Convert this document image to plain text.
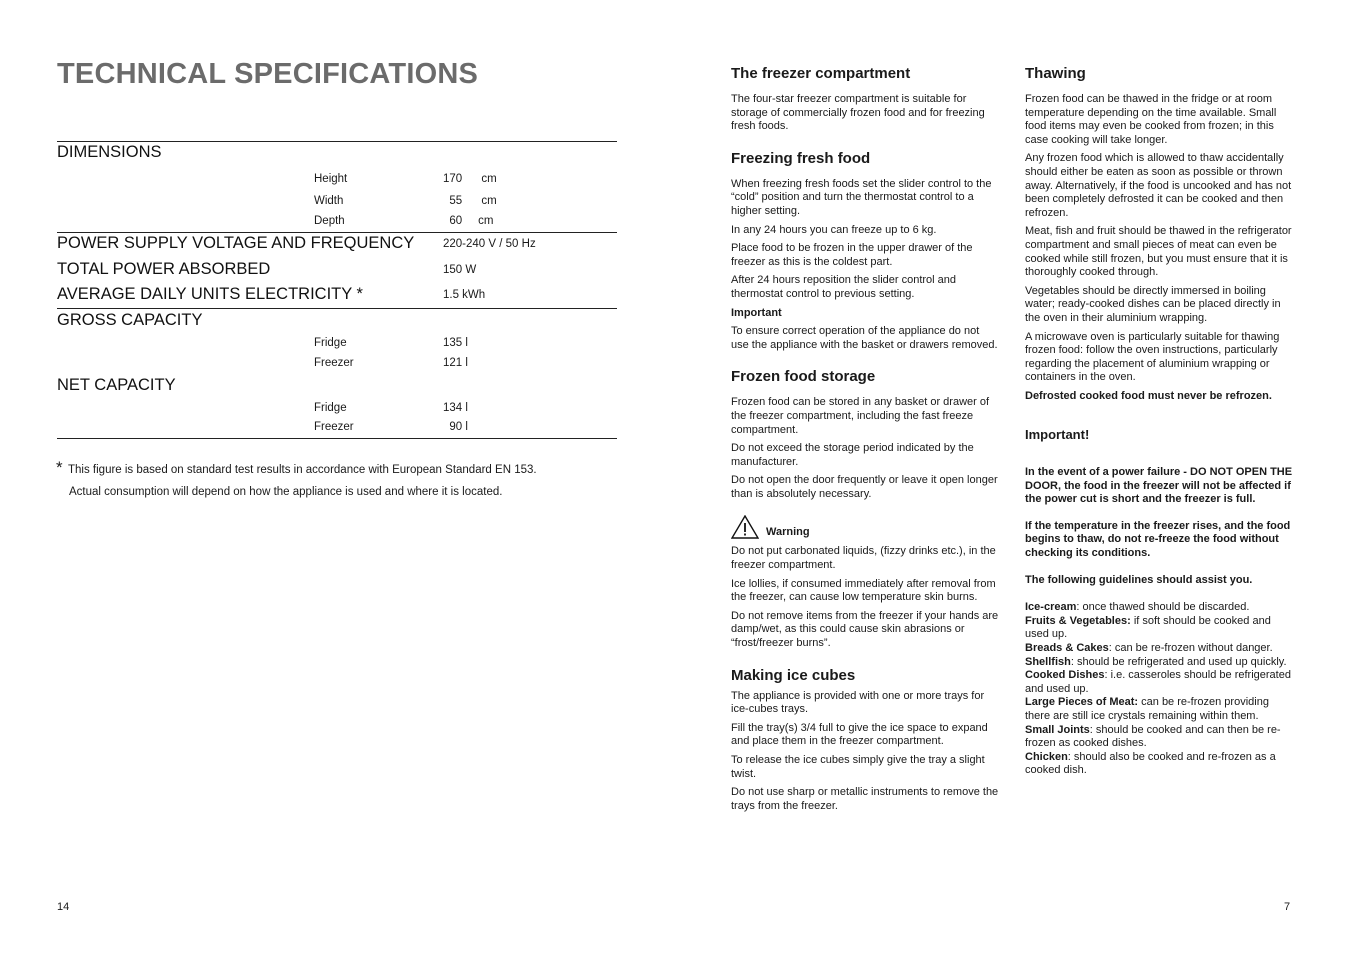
TECHNICAL SPECIFICATIONS
DIMENSIONS
Height	170      cm
Width	55      cm
Depth	60     cm
POWER SUPPLY VOLTAGE AND FREQUENCY 220-240 V / 50 Hz
TOTAL POWER ABSORBED	150 W
AVERAGE DAILY UNITS ELECTRICITY *	1.5 kWh
GROSS CAPACITY
Fridge	135 l
Freezer	121 l
NET CAPACITY
Fridge	134 l
Freezer	90 l
* This figure is based on standard test results in accordance with European Standard EN 153.
Actual consumption will depend on how the appliance is used and where it is located.
14
The freezer compartment

The four-star freezer compartment is suitable for storage of commercially frozen food and for freezing fresh foods.

Freezing fresh food

When freezing fresh foods set the slider control to the “cold” position and turn the thermostat control to a higher setting.

In any 24 hours you can freeze up to 6 kg.

Place food to be frozen in the upper drawer of the freezer as this is the coldest part.

After 24 hours reposition the slider control and thermostat control to previous setting.

Important

To ensure correct operation of the appliance do not use the appliance with the basket or drawers removed.

Frozen food storage

Frozen food can be stored in any basket or drawer of the freezer compartment, including the fast freeze compartment.

Do not exceed the storage period indicated by the manufacturer.

Do not open the door frequently or leave it open longer than is absolutely necessary.

Warning

Do not put carbonated liquids, (fizzy drinks etc.), in the freezer compartment.

Ice lollies, if consumed immediately after removal from the freezer, can cause low temperature skin burns.

Do not remove items from the freezer if your hands are damp/wet, as this could cause skin abrasions or “frost/freezer burns”.

Making ice cubes

The appliance is provided with one or more trays for ice-cubes trays.

Fill the tray(s) 3/4 full to give the ice space to expand and place them in the freezer compartment.

To release the ice cubes simply give the tray a slight twist.

Do not use sharp or metallic instruments to remove the trays from the freezer.

Thawing

Frozen food can be thawed in the fridge or at room temperature depending on the time available. Small food items may even be cooked from frozen; in this case cooking will take longer.

Any frozen food which is allowed to thaw accidentally should either be eaten as soon as possible or thrown away. Alternatively, if the food is uncooked and has not been completely defrosted it can be cooked and then refrozen.

Meat, fish and fruit should be thawed in the refrigerator compartment and small pieces of meat can even be cooked while still frozen, but you must ensure that it is thoroughly cooked through.

Vegetables should be directly immersed in boiling water; ready-cooked dishes can be placed directly in the oven in their aluminium wrapping.

A microwave oven is particularly suitable for thawing frozen food: follow the oven instructions, particularly regarding the placement of aluminium wrapping or containers in the oven.

Defrosted cooked food must never be refrozen.

Important!

In the event of a power failure - DO NOT OPEN THE DOOR, the food in the freezer will not be affected if the power cut is short and the freezer is full.

If the temperature in the freezer rises, and the food begins to thaw, do not re-freeze the food without checking its conditions.

The following guidelines should assist you.

Ice-cream: once thawed should be discarded.

Fruits & Vegetables: if soft should be cooked and used up.

Breads & Cakes: can be re-frozen without danger.

Shellfish: should be refrigerated and used up quickly.

Cooked Dishes: i.e. casseroles should be refrigerated and used up.

Large Pieces of Meat: can be re-frozen providing there are still ice crystals remaining within them.

Small Joints: should be cooked and can then be re-frozen as cooked dishes.

Chicken: should also be cooked and re-frozen as a cooked dish.

7
